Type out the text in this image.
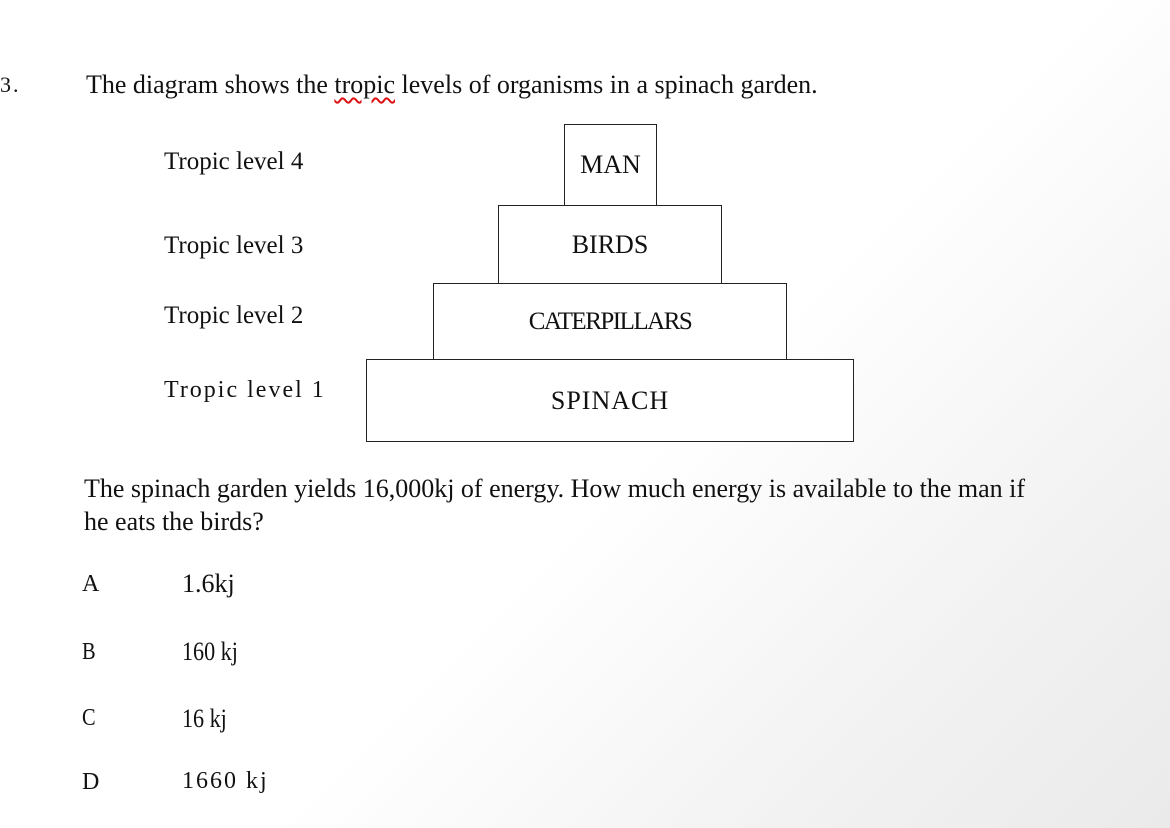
3.	The diagram shows the tropic levels of organisms in a spinach garden.
Tropic level 4
Tropic level 3
Tropic level 2
Tropic level 1
MAN
BIRDS
CATERPILLARS
SPINACH
The spinach garden yields 16,000kj of energy. How much energy is available to the man if he eats the birds?
A	1.6kj
B	160 kj
C	16 kj
D	1660 kj
